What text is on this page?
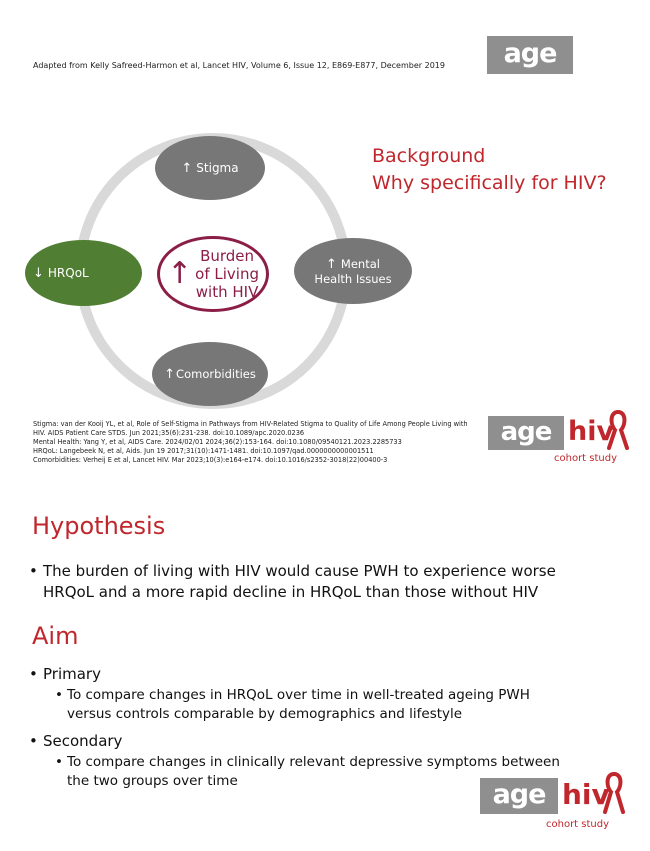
Adapted from Kelly Safreed-Harmon et al, Lancet HIV, Volume 6, Issue 12, E869-E877, December 2019	age
↑ Stigma
↓ HRQoL
↑ Mental
Health Issues
↑ Comorbidities
↑ Burden
of Living
with HIV
Background
Why specifically for HIV?
Stigma: van der Kooij YL, et al, Role of Self-Stigma in Pathways from HIV-Related Stigma to Quality of Life Among People Living with HIV. AIDS Patient Care STDS. Jun 2021;35(6):231-238. doi:10.1089/apc.2020.0236
Mental Health: Yang Y, et al, AIDS Care. 2024/02/01 2024;36(2):153-164. doi:10.1080/09540121.2023.2285733
HRQoL: Langebeek N, et al, Aids. Jun 19 2017;31(10):1471-1481. doi:10.1097/qad.0000000000001511
Comorbidities: Verheij E et al, Lancet HIV. Mar 2023;10(3):e164-e174. doi:10.1016/s2352-3018(22)00400-3
age hiv
cohort study
Hypothesis
• The burden of living with HIV would cause PWH to experience worse
HRQoL and a more rapid decline in HRQoL than those without HIV
Aim
• Primary
• To compare changes in HRQoL over time in well-treated ageing PWH
versus controls comparable by demographics and lifestyle
• Secondary
• To compare changes in clinically relevant depressive symptoms between
the two groups over time	age hiv
cohort study
